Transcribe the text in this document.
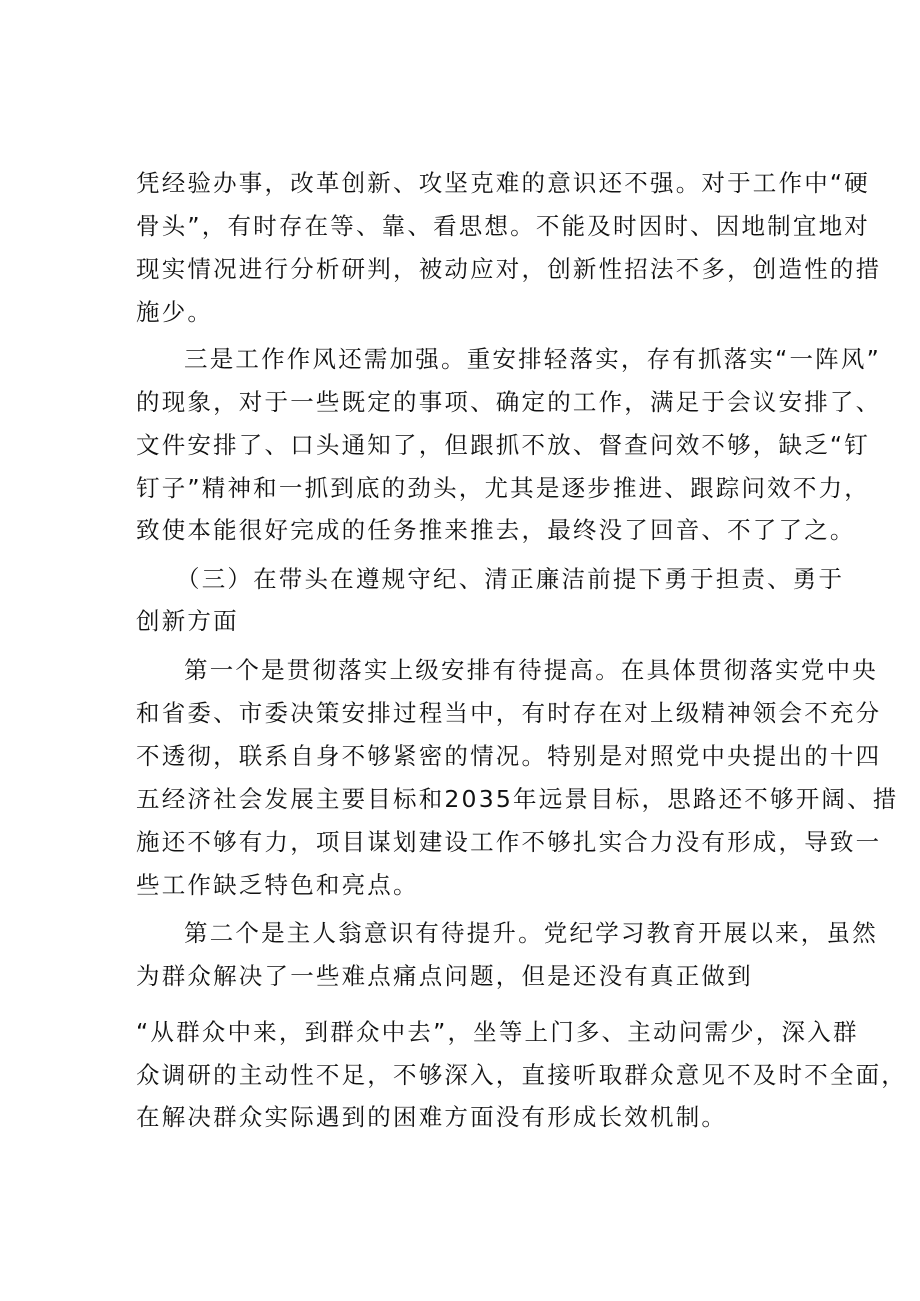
凭经验办事，改革创新、攻坚克难的意识还不强。对于工作中“硬
骨头”，有时存在等、靠、看思想。不能及时因时、因地制宜地对
现实情况进行分析研判，被动应对，创新性招法不多，创造性的措
施少。
三是工作作风还需加强。重安排轻落实，存有抓落实“一阵风”
的现象，对于一些既定的事项、确定的工作，满足于会议安排了、
文件安排了、口头通知了，但跟抓不放、督查问效不够，缺乏“钉
钉子”精神和一抓到底的劲头，尤其是逐步推进、跟踪问效不力，
致使本能很好完成的任务推来推去，最终没了回音、不了了之。
（三）在带头在遵规守纪、清正廉洁前提下勇于担责、勇于
创新方面
第一个是贯彻落实上级安排有待提高。在具体贯彻落实党中央
和省委、市委决策安排过程当中，有时存在对上级精神领会不充分
不透彻，联系自身不够紧密的情况。特别是对照党中央提出的十四
五经济社会发展主要目标和2035年远景目标，思路还不够开阔、措
施还不够有力，项目谋划建设工作不够扎实合力没有形成，导致一
些工作缺乏特色和亮点。
第二个是主人翁意识有待提升。党纪学习教育开展以来，虽然
为群众解决了一些难点痛点问题，但是还没有真正做到
“从群众中来，到群众中去”，坐等上门多、主动问需少，深入群
众调研的主动性不足，不够深入，直接听取群众意见不及时不全面，
在解决群众实际遇到的困难方面没有形成长效机制。
